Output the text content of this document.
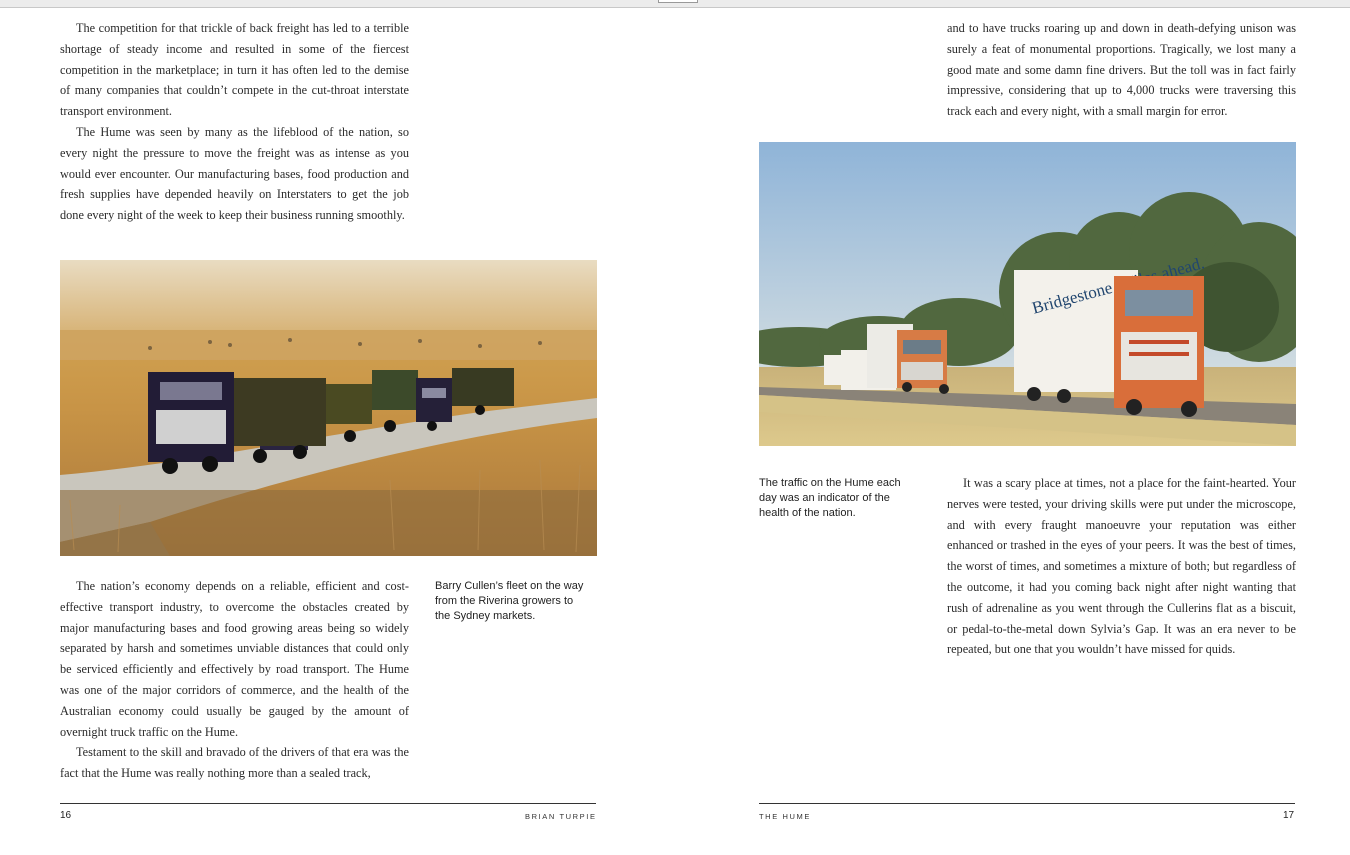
The competition for that trickle of back freight has led to a terrible shortage of steady income and resulted in some of the fiercest competition in the marketplace; in turn it has often led to the demise of many companies that couldn’t compete in the cut-throat interstate transport environment.

The Hume was seen by many as the lifeblood of the nation, so every night the pressure to move the freight was as intense as you would ever encounter. Our manufacturing bases, food production and fresh supplies have depended heavily on Interstaters to get the job done every night of the week to keep their business running smoothly.

The nation’s economy depends on a reliable, efficient and cost-effective transport industry, to overcome the obstacles created by major manufacturing bases and food growing areas being so widely separated by harsh and sometimes unviable distances that could only be serviced efficiently and effectively by road transport. The Hume was one of the major corridors of commerce, and the health of the Australian economy could usually be gauged by the amount of overnight truck traffic on the Hume.

Testament to the skill and bravado of the drivers of that era was the fact that the Hume was really nothing more than a sealed track,

Barry Cullen’s fleet on the way from the Riverina growers to the Sydney markets.
16	BRIAN TURPIE

and to have trucks roaring up and down in death-defying unison was surely a feat of monumental proportions. Tragically, we lost many a good mate and some damn fine drivers. But the toll was in fact fairly impressive, considering that up to 4,000 trucks were traversing this track each and every night, with a small margin for error.

Bridgestone. ahead.
The traffic on the Hume each day was an indicator of the health of the nation.

It was a scary place at times, not a place for the faint-hearted. Your nerves were tested, your driving skills were put under the microscope, and with every fraught manoeuvre your reputation was either enhanced or trashed in the eyes of your peers. It was the best of times, the worst of times, and sometimes a mixture of both; but regardless of the outcome, it had you coming back night after night wanting that rush of adrenaline as you went through the Cullerins flat as a biscuit, or pedal-to-the-metal down Sylvia’s Gap. It was an era never to be repeated, but one that you wouldn’t have missed for quids.

THE HUME	17
